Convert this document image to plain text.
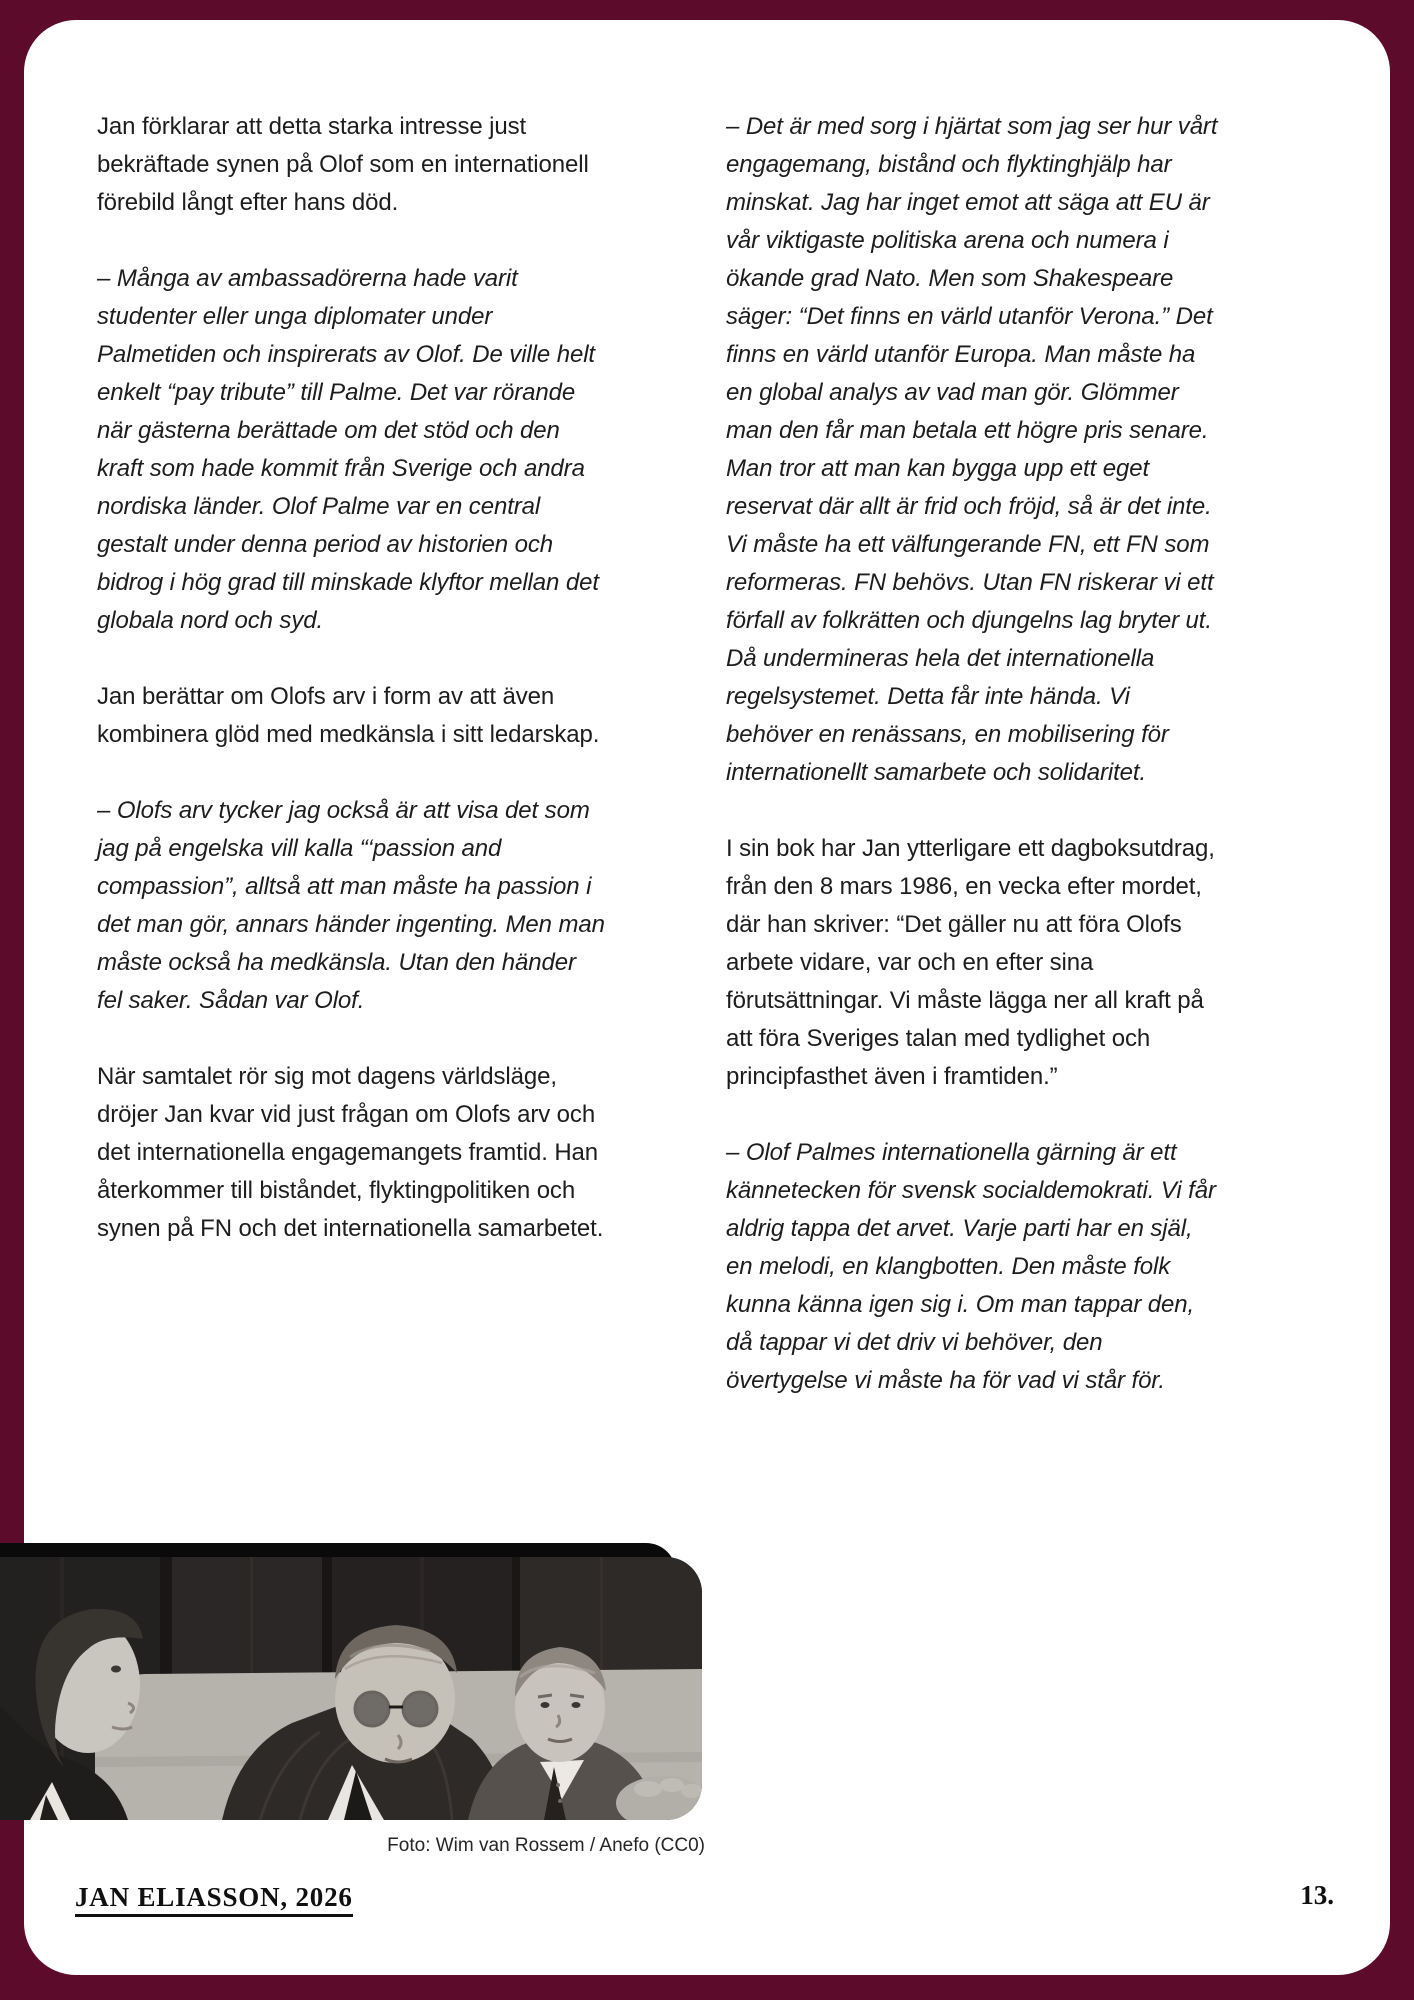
Jan förklarar att detta starka intresse just bekräftade synen på Olof som en internationell förebild långt efter hans död.

– Många av ambassadörerna hade varit studenter eller unga diplomater under Palmetiden och inspirerats av Olof. De ville helt enkelt “pay tribute” till Palme. Det var rörande när gästerna berättade om det stöd och den kraft som hade kommit från Sverige och andra nordiska länder. Olof Palme var en central gestalt under denna period av historien och bidrog i hög grad till minskade klyftor mellan det globala nord och syd.

Jan berättar om Olofs arv i form av att även kombinera glöd med medkänsla i sitt ledarskap.

– Olofs arv tycker jag också är att visa det som jag på engelska vill kalla “‘passion and compassion”, alltså att man måste ha passion i det man gör, annars händer ingenting. Men man måste också ha medkänsla. Utan den händer fel saker. Sådan var Olof.

När samtalet rör sig mot dagens världsläge, dröjer Jan kvar vid just frågan om Olofs arv och det internationella engagemangets framtid. Han återkommer till biståndet, flyktingpolitiken och synen på FN och det internationella samarbetet.

– Det är med sorg i hjärtat som jag ser hur vårt engagemang, bistånd och flyktinghjälp har minskat. Jag har inget emot att säga att EU är vår viktigaste politiska arena och numera i ökande grad Nato. Men som Shakespeare säger: “Det finns en värld utanför Verona.” Det finns en värld utanför Europa. Man måste ha en global analys av vad man gör. Glömmer man den får man betala ett högre pris senare. Man tror att man kan bygga upp ett eget reservat där allt är frid och fröjd, så är det inte. Vi måste ha ett välfungerande FN, ett FN som reformeras. FN behövs. Utan FN riskerar vi ett förfall av folkrätten och djungelns lag bryter ut. Då undermineras hela det internationella regelsystemet. Detta får inte hända. Vi behöver en renässans, en mobilisering för internationellt samarbete och solidaritet.

I sin bok har Jan ytterligare ett dagboksutdrag, från den 8 mars 1986, en vecka efter mordet, där han skriver: “Det gäller nu att föra Olofs arbete vidare, var och en efter sina förutsättningar. Vi måste lägga ner all kraft på att föra Sveriges talan med tydlighet och principfasthet även i framtiden.”

– Olof Palmes internationella gärning är ett kännetecken för svensk socialdemokrati. Vi får aldrig tappa det arvet. Varje parti har en själ, en melodi, en klangbotten. Den måste folk kunna känna igen sig i. Om man tappar den, då tappar vi det driv vi behöver, den övertygelse vi måste ha för vad vi står för.

Foto: Wim van Rossem / Anefo (CC0)
JAN ELIASSON, 2026	13.
